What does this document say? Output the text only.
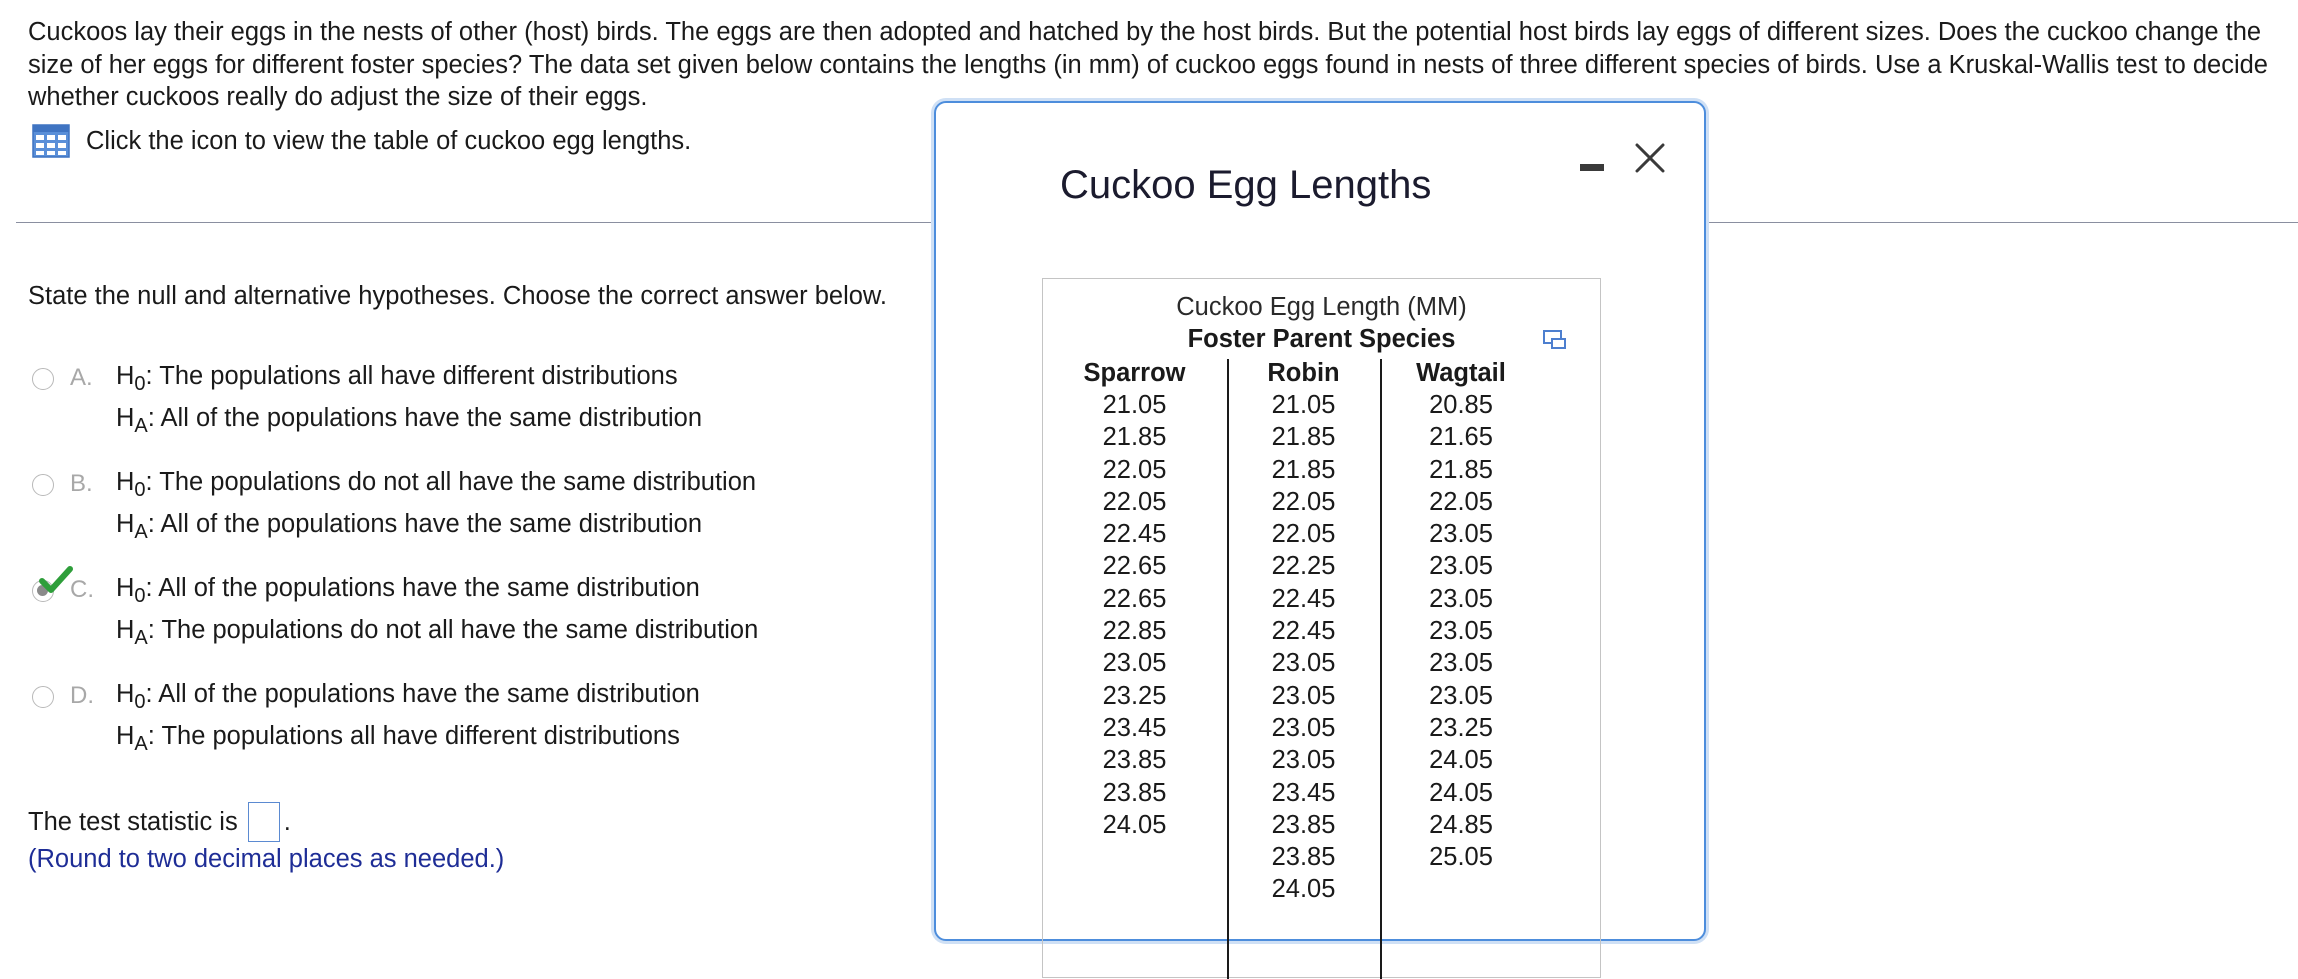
Cuckoos lay their eggs in the nests of other (host) birds. The eggs are then adopted and hatched by the host birds. But the potential host birds lay eggs of different sizes. Does the cuckoo change the size of her eggs for different foster species? The data set given below contains the lengths (in mm) of cuckoo eggs found in nests of three different species of birds. Use a Kruskal-Wallis test to decide whether cuckoos really do adjust the size of their eggs.

Click the icon to view the table of cuckoo egg lengths.
State the null and alternative hypotheses. Choose the correct answer below.
A. $H_0$: The populations all have different distributions
$H_A$: All of the populations have the same distribution
B. $H_0$: The populations do not all have the same distribution
$H_A$: All of the populations have the same distribution
C. $H_0$: All of the populations have the same distribution
$H_A$: The populations do not all have the same distribution
D. $H_0$: All of the populations have the same distribution
$H_A$: The populations all have different distributions
The test statistic is .
(Round to two decimal places as needed.)
Cuckoo Egg Lengths
Cuckoo Egg Length (MM)
Foster Parent Species
Sparrow
21.05
21.85
22.05
22.05
22.45
22.65
22.65
22.85
23.05
23.25
23.45
23.85
23.85
24.05
Robin
21.05
21.85
21.85
22.05
22.05
22.25
22.45
22.45
23.05
23.05
23.05
23.05
23.45
23.85
23.85
24.05
Wagtail
20.85
21.65
21.85
22.05
23.05
23.05
23.05
23.05
23.05
23.05
23.25
24.05
24.05
24.85
25.05
